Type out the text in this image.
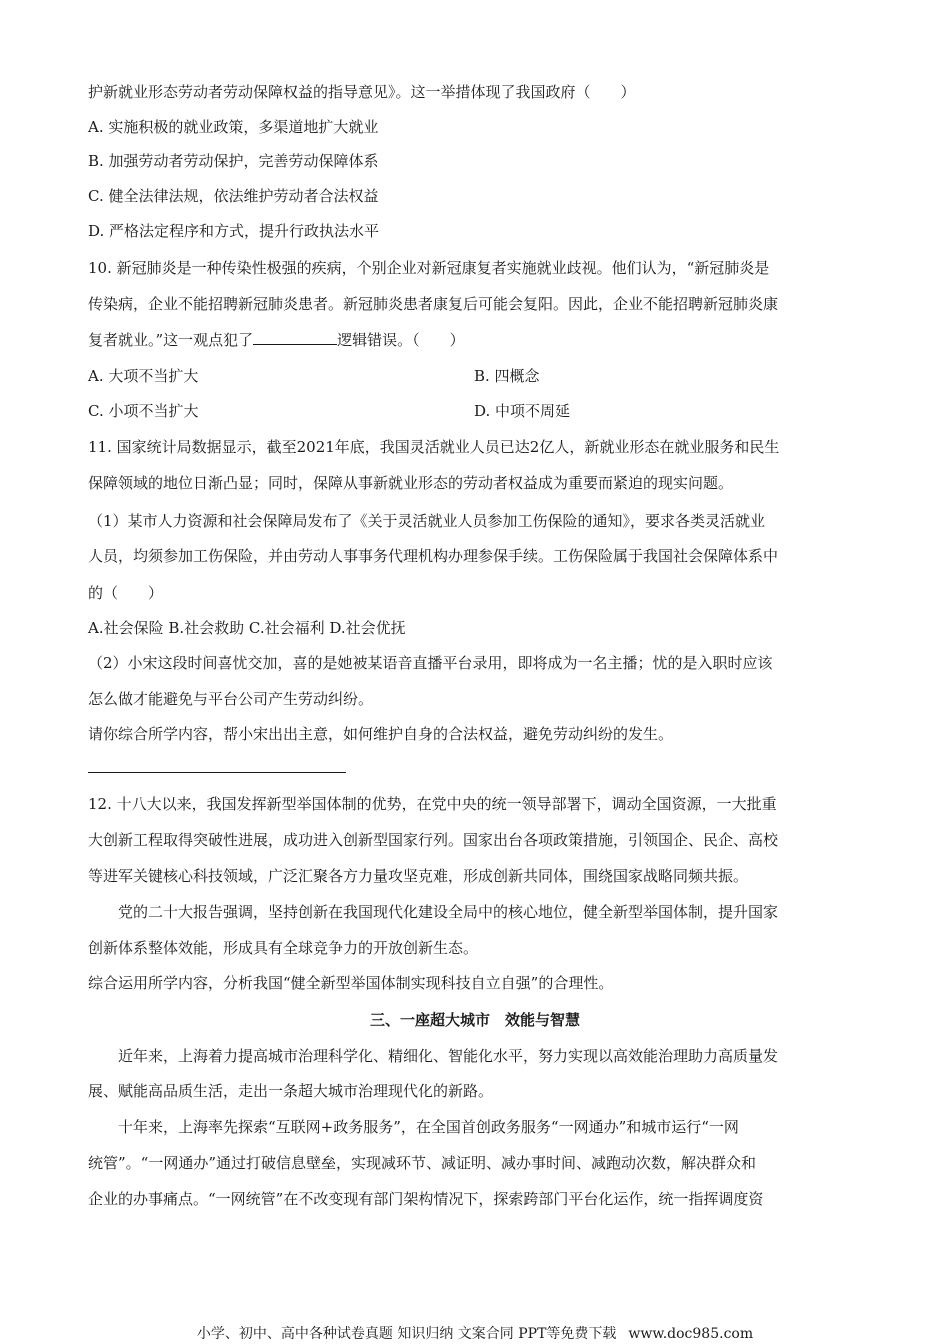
护新就业形态劳动者劳动保障权益的指导意见》。这一举措体现了我国政府（　　）
A. 实施积极的就业政策，多渠道地扩大就业
B. 加强劳动者劳动保护，完善劳动保障体系
C. 健全法律法规，依法维护劳动者合法权益
D. 严格法定程序和方式，提升行政执法水平
10. 新冠肺炎是一种传染性极强的疾病，个别企业对新冠康复者实施就业歧视。他们认为，“新冠肺炎是
传染病，企业不能招聘新冠肺炎患者。新冠肺炎患者康复后可能会复阳。因此，企业不能招聘新冠肺炎康
复者就业。”这一观点犯了	逻辑错误。（　　）
A. 大项不当扩大	B. 四概念
C. 小项不当扩大	D. 中项不周延
11. 国家统计局数据显示，截至2021年底，我国灵活就业人员已达2亿人，新就业形态在就业服务和民生
保障领域的地位日渐凸显；同时，保障从事新就业形态的劳动者权益成为重要而紧迫的现实问题。
（1）某市人力资源和社会保障局发布了《关于灵活就业人员参加工伤保险的通知》，要求各类灵活就业
人员，均须参加工伤保险，并由劳动人事事务代理机构办理参保手续。工伤保险属于我国社会保障体系中
的（　　）
A.社会保险 B.社会救助 C.社会福利 D.社会优抚
（2）小宋这段时间喜忧交加，喜的是她被某语音直播平台录用，即将成为一名主播；忧的是入职时应该
怎么做才能避免与平台公司产生劳动纠纷。
请你综合所学内容，帮小宋出出主意，如何维护自身的合法权益，避免劳动纠纷的发生。
12. 十八大以来，我国发挥新型举国体制的优势，在党中央的统一领导部署下，调动全国资源，一大批重
大创新工程取得突破性进展，成功进入创新型国家行列。国家出台各项政策措施，引领国企、民企、高校
等进军关键核心科技领域，广泛汇聚各方力量攻坚克难，形成创新共同体，围绕国家战略同频共振。
党的二十大报告强调，坚持创新在我国现代化建设全局中的核心地位，健全新型举国体制，提升国家
创新体系整体效能，形成具有全球竞争力的开放创新生态。
综合运用所学内容，分析我国“健全新型举国体制实现科技自立自强”的合理性。
三、一座超大城市　效能与智慧
近年来，上海着力提高城市治理科学化、精细化、智能化水平，努力实现以高效能治理助力高质量发
展、赋能高品质生活，走出一条超大城市治理现代化的新路。
十年来，上海率先探索“互联网+政务服务”，在全国首创政务服务“一网通办”和城市运行“一网
统管”。“一网通办”通过打破信息壁垒，实现减环节、减证明、减办事时间、减跑动次数，解决群众和
企业的办事痛点。“一网统管”在不改变现有部门架构情况下，探索跨部门平台化运作，统一指挥调度资
小学、初中、高中各种试卷真题 知识归纳 文案合同 PPT等免费下载 www.doc985.com
